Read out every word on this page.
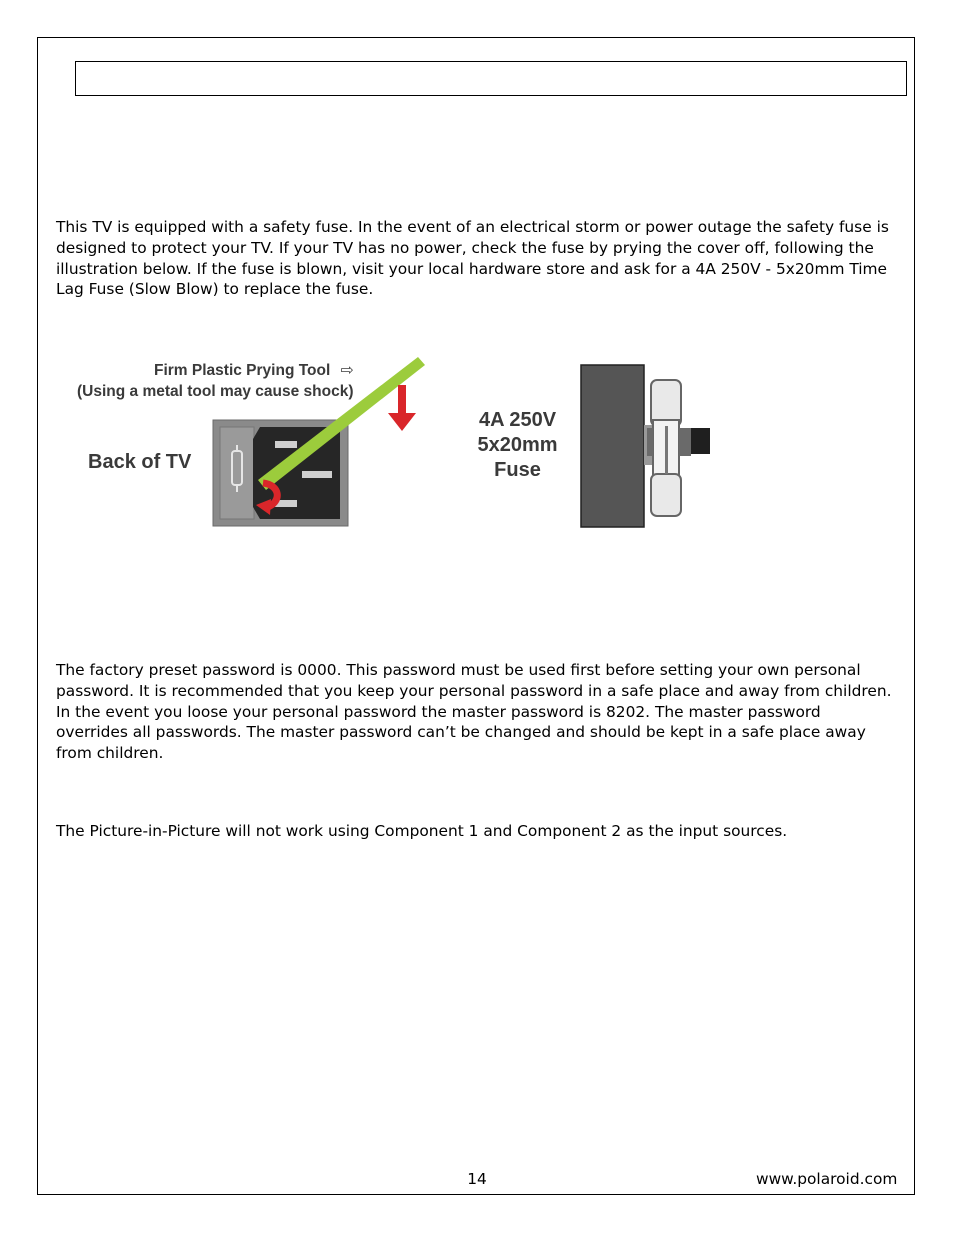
This TV is equipped with a safety fuse. In the event of an electrical storm or power outage the safety fuse is designed to protect your TV. If your TV has no power, check the fuse by prying the cover off, following the illustration below. If the fuse is blown, visit your local hardware store and ask for a 4A 250V - 5x20mm Time Lag Fuse (Slow Blow) to replace the fuse.

Firm Plastic Prying Tool ⇨
(Using a metal tool may cause shock)
Back of TV
4A 250V
5x20mm
Fuse

The factory preset password is 0000. This password must be used first before setting your own personal password. It is recommended that you keep your personal password in a safe place and away from children. In the event you loose your personal password the master password is 8202. The master password overrides all passwords. The master password can’t be changed and should be kept in a safe place away from children.

The Picture-in-Picture will not work using Component 1 and Component 2 as the input sources.

14	www.polaroid.com
